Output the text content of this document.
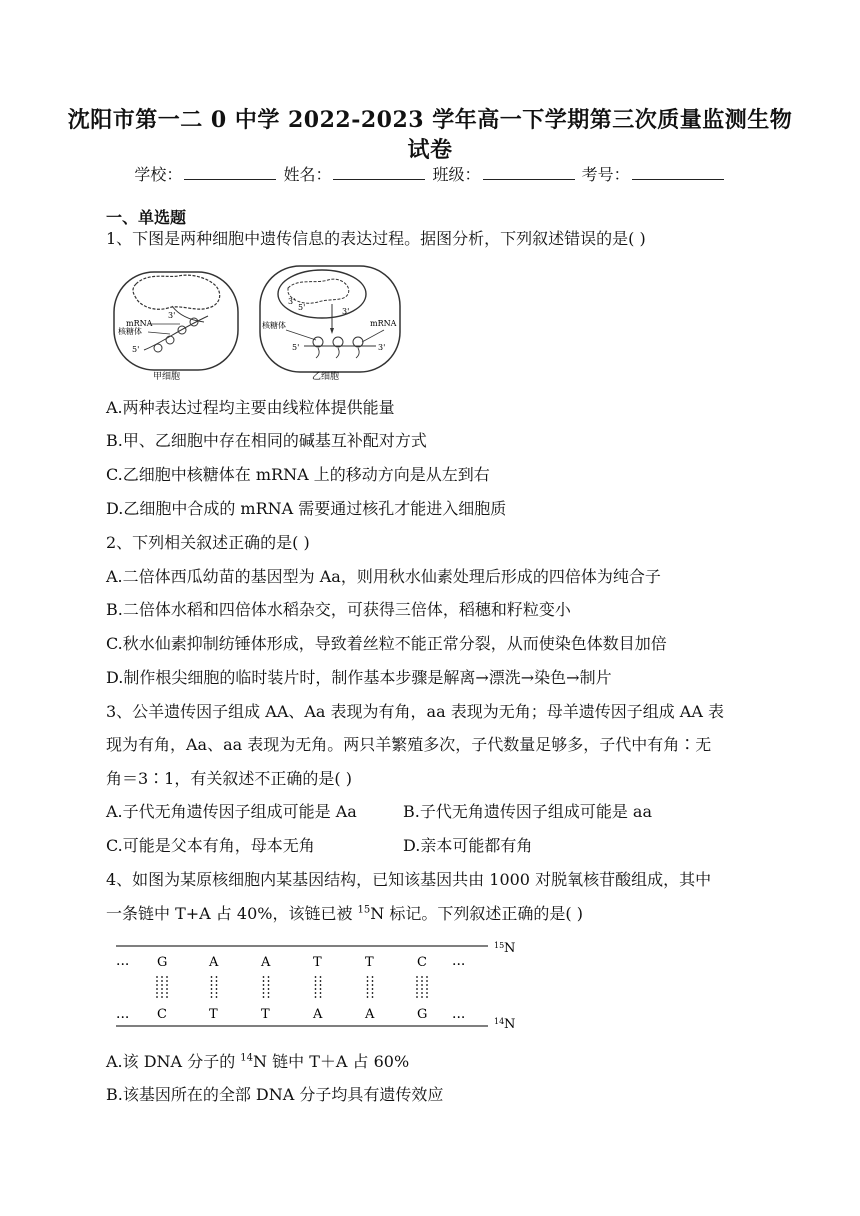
沈阳市第一二 0 中学 2022-2023 学年高一下学期第三次质量监测生物
试卷
学校：	姓名：	班级：	考号：
一、单选题
1、下图是两种细胞中遗传信息的表达过程。据图分析，下列叙述错误的是( )
3'
mRNA
核糖体
5'
甲细胞
3'
5'	3'
核糖体	mRNA
5'	3'
乙细胞
A.两种表达过程均主要由线粒体提供能量
B.甲、乙细胞中存在相同的碱基互补配对方式
C.乙细胞中核糖体在 mRNA 上的移动方向是从左到右
D.乙细胞中合成的 mRNA 需要通过核孔才能进入细胞质
2、下列相关叙述正确的是( )
A.二倍体西瓜幼苗的基因型为 Aa，则用秋水仙素处理后形成的四倍体为纯合子
B.二倍体水稻和四倍体水稻杂交，可获得三倍体，稻穗和籽粒变小
C.秋水仙素抑制纺锤体形成，导致着丝粒不能正常分裂，从而使染色体数目加倍
D.制作根尖细胞的临时装片时，制作基本步骤是解离→漂洗→染色→制片
3、公羊遗传因子组成 AA、Aa 表现为有角，aa 表现为无角；母羊遗传因子组成 AA 表
现为有角，Aa、aa 表现为无角。两只羊繁殖多次，子代数量足够多，子代中有角∶无
角＝3∶1，有关叙述不正确的是( )
A.子代无角遗传因子组成可能是 Aa	B.子代无角遗传因子组成可能是 aa
C.可能是父本有角，母本无角	D.亲本可能都有角
4、如图为某原核细胞内某基因结构，已知该基因共由 1000 对脱氧核苷酸组成，其中
一条链中 T+A 占 40%，该链已被 $^{15}$N 标记。下列叙述正确的是( )
···	···
···	···
G
C
A
T
A
T
T
A
T
A
C
G
15 N
14 N
A.该 DNA 分子的 $^{14}$N 链中 T＋A 占 60%
B.该基因所在的全部 DNA 分子均具有遗传效应
